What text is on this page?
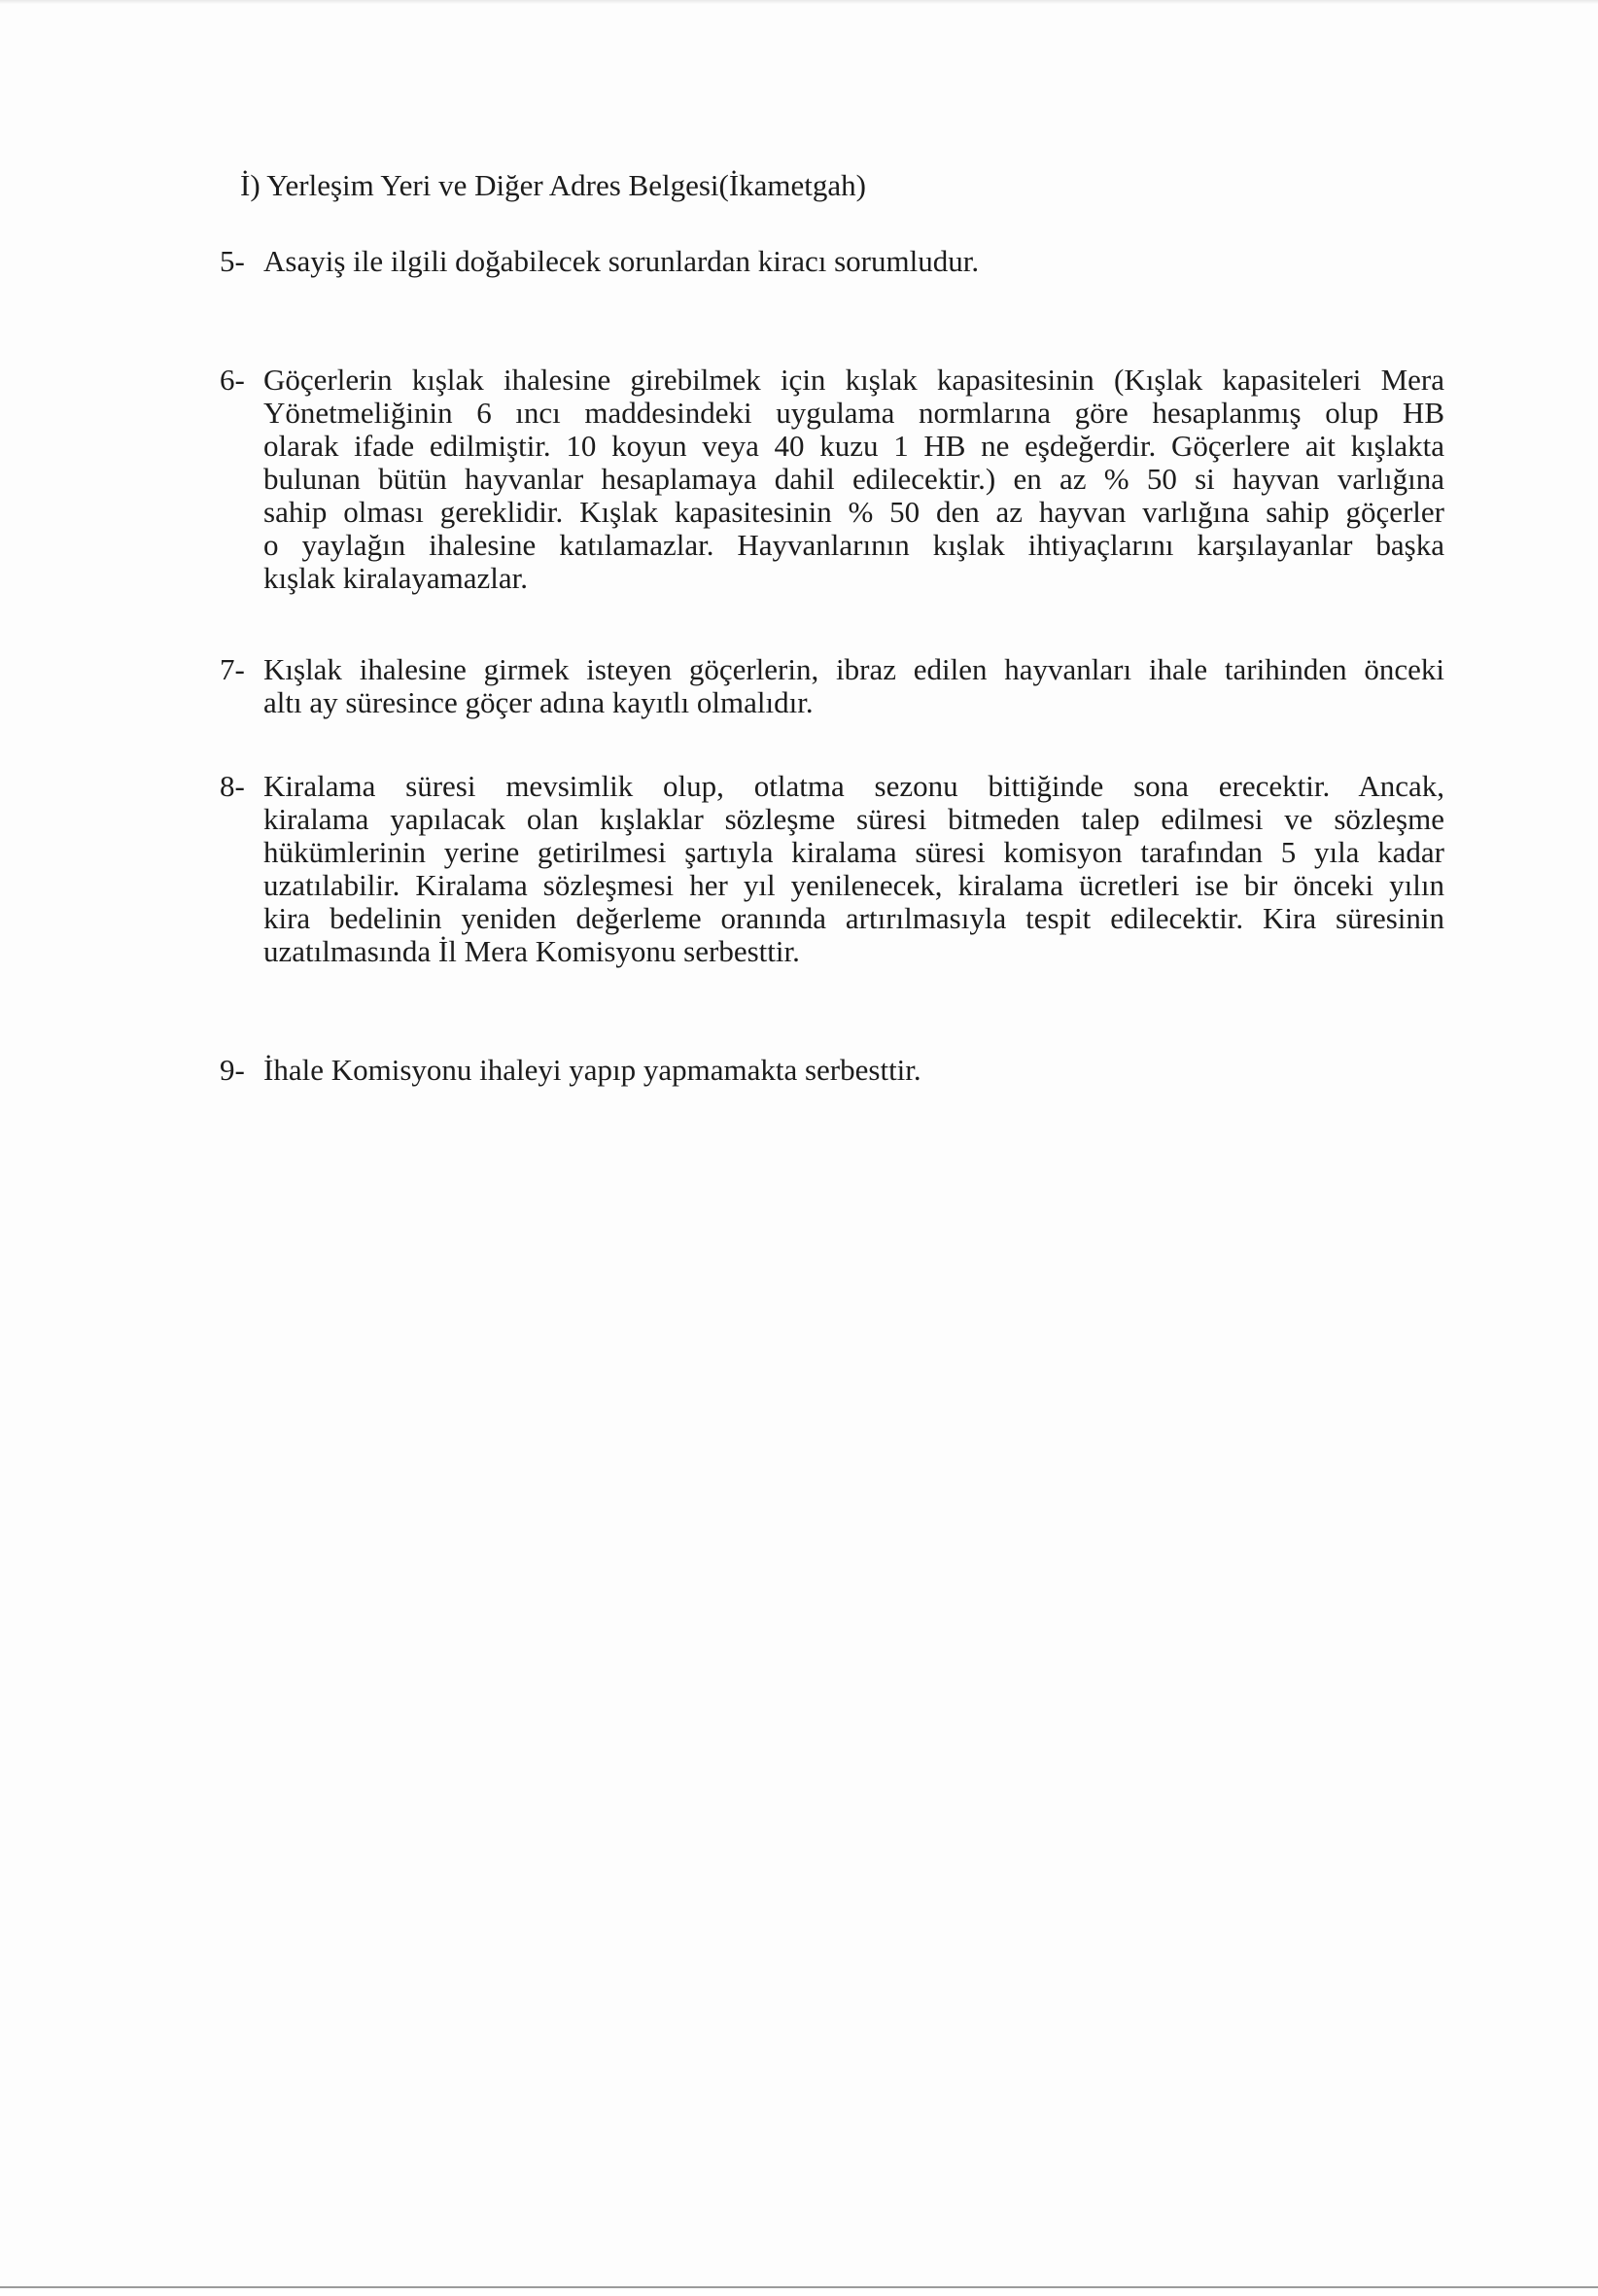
İ) Yerleşim Yeri ve Diğer Adres Belgesi(İkametgah)

5- Asayiş ile ilgili doğabilecek sorunlardan kiracı sorumludur.

6- Göçerlerin kışlak ihalesine girebilmek için kışlak kapasitesinin (Kışlak kapasiteleri Mera

Yönetmeliğinin 6 ıncı maddesindeki uygulama normlarına göre hesaplanmış olup HB

olarak ifade edilmiştir. 10 koyun veya 40 kuzu 1 HB ne eşdeğerdir. Göçerlere ait kışlakta

bulunan bütün hayvanlar hesaplamaya dahil edilecektir.) en az % 50 si hayvan varlığına

sahip olması gereklidir. Kışlak kapasitesinin % 50 den az hayvan varlığına sahip göçerler

o yaylağın ihalesine katılamazlar. Hayvanlarının kışlak ihtiyaçlarını karşılayanlar başka

kışlak kiralayamazlar.

7- Kışlak ihalesine girmek isteyen göçerlerin, ibraz edilen hayvanları ihale tarihinden önceki

altı ay süresince göçer adına kayıtlı olmalıdır.

8- Kiralama süresi mevsimlik olup, otlatma sezonu bittiğinde sona erecektir. Ancak,

kiralama yapılacak olan kışlaklar sözleşme süresi bitmeden talep edilmesi ve sözleşme

hükümlerinin yerine getirilmesi şartıyla kiralama süresi komisyon tarafından 5 yıla kadar

uzatılabilir. Kiralama sözleşmesi her yıl yenilenecek, kiralama ücretleri ise bir önceki yılın

kira bedelinin yeniden değerleme oranında artırılmasıyla tespit edilecektir. Kira süresinin

uzatılmasında İl Mera Komisyonu serbesttir.

9- İhale Komisyonu ihaleyi yapıp yapmamakta serbesttir.
